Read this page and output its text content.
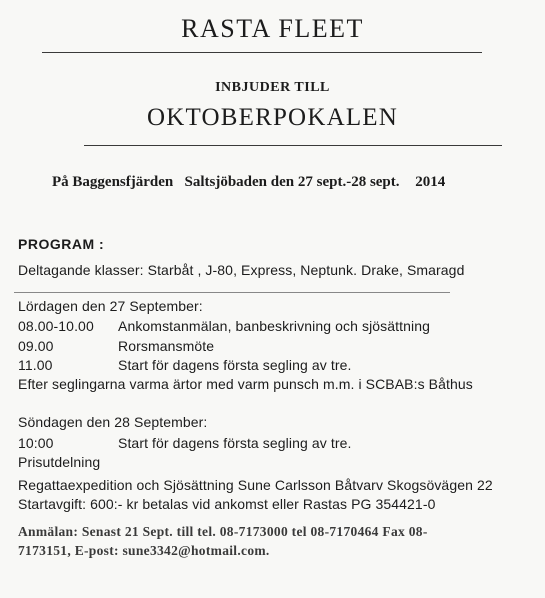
RASTA FLEET
INBJUDER TILL
OKTOBERPOKALEN
På Baggensfjärden Saltsjöbaden den 27 sept.-28 sept. 2014
PROGRAM :
Deltagande klasser: Starbåt , J-80, Express, Neptunk. Drake, Smaragd
Lördagen den 27 September:
08.00-10.00 Ankomstanmälan, banbeskrivning och sjösättning
09.00	Rorsmansmöte
11.00	Start för dagens första segling av tre.
Efter seglingarna varma ärtor med varm punsch m.m. i SCBAB:s Båthus
Söndagen den 28 September:
10:00	Start för dagens första segling av tre.
Prisutdelning
Regattaexpedition och Sjösättning Sune Carlsson Båtvarv Skogsövägen 22
Startavgift: 600:- kr betalas vid ankomst eller Rastas PG 354421-0
Anmälan: Senast 21 Sept. till tel. 08-7173000 tel 08-7170464 Fax 08-
7173151, E-post: sune3342@hotmail.com.
